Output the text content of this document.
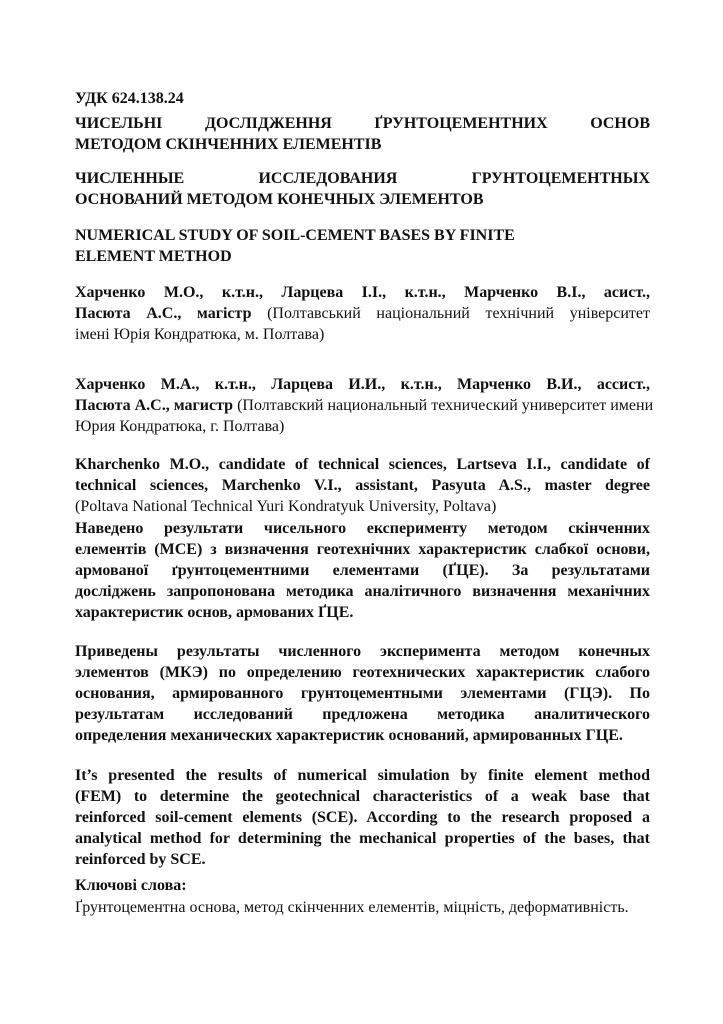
УДК 624.138.24
ЧИСЕЛЬНІ ДОСЛІДЖЕННЯ ҐРУНТОЦЕМЕНТНИХ ОСНОВ
МЕТОДОМ СКІНЧЕННИХ ЕЛЕМЕНТІВ
ЧИСЛЕННЫЕ ИССЛЕДОВАНИЯ ГРУНТОЦЕМЕНТНЫХ
ОСНОВАНИЙ МЕТОДОМ КОНЕЧНЫХ ЭЛЕМЕНТОВ
NUMERICAL STUDY OF SOIL-CEMENT BASES BY FINITE
ELEMENT METHOD
Харченко М.О., к.т.н., Ларцева І.І., к.т.н., Марченко В.І., асист.,
Пасюта А.С., магістр (Полтавський національний технічний університет
імені Юрія Кондратюка, м. Полтава)
Харченко М.А., к.т.н., Ларцева И.И., к.т.н., Марченко В.И., ассист.,
Пасюта А.С., магистр (Полтавский национальный технический университет имени
Юрия Кондратюка, г. Полтава)
Kharchenko M.O., candidate of technical sciences, Lartseva I.I., candidate of
technical sciences, Marchenko V.I., assistant, Pasyuta A.S., master degree
(Poltava National Technical Yuri Kondratyuk University, Poltava)
Наведено результати чисельного експерименту методом скінченних
елементів (МСЕ) з визначення геотехнічних характеристик слабкої основи,
армованої ґрунтоцементними елементами (ҐЦЕ). За результатами
досліджень запропонована методика аналітичного визначення механічних
характеристик основ, армованих ҐЦЕ.
Приведены результаты численного эксперимента методом конечных
элементов (МКЭ) по определению геотехнических характеристик слабого
основания, армированного грунтоцементными элементами (ГЦЭ). По
результатам исследований предложена методика аналитического
определения механических характеристик оснований, армированных ГЦЕ.
It’s presented the results of numerical simulation by finite element method
(FEM) to determine the geotechnical characteristics of a weak base that
reinforced soil-cement elements (SCE). According to the research proposed a
analytical method for determining the mechanical properties of the bases, that
reinforced by SCE.
Ключові слова:
Ґрунтоцементна основа, метод скінченних елементів, міцність, деформативність.
